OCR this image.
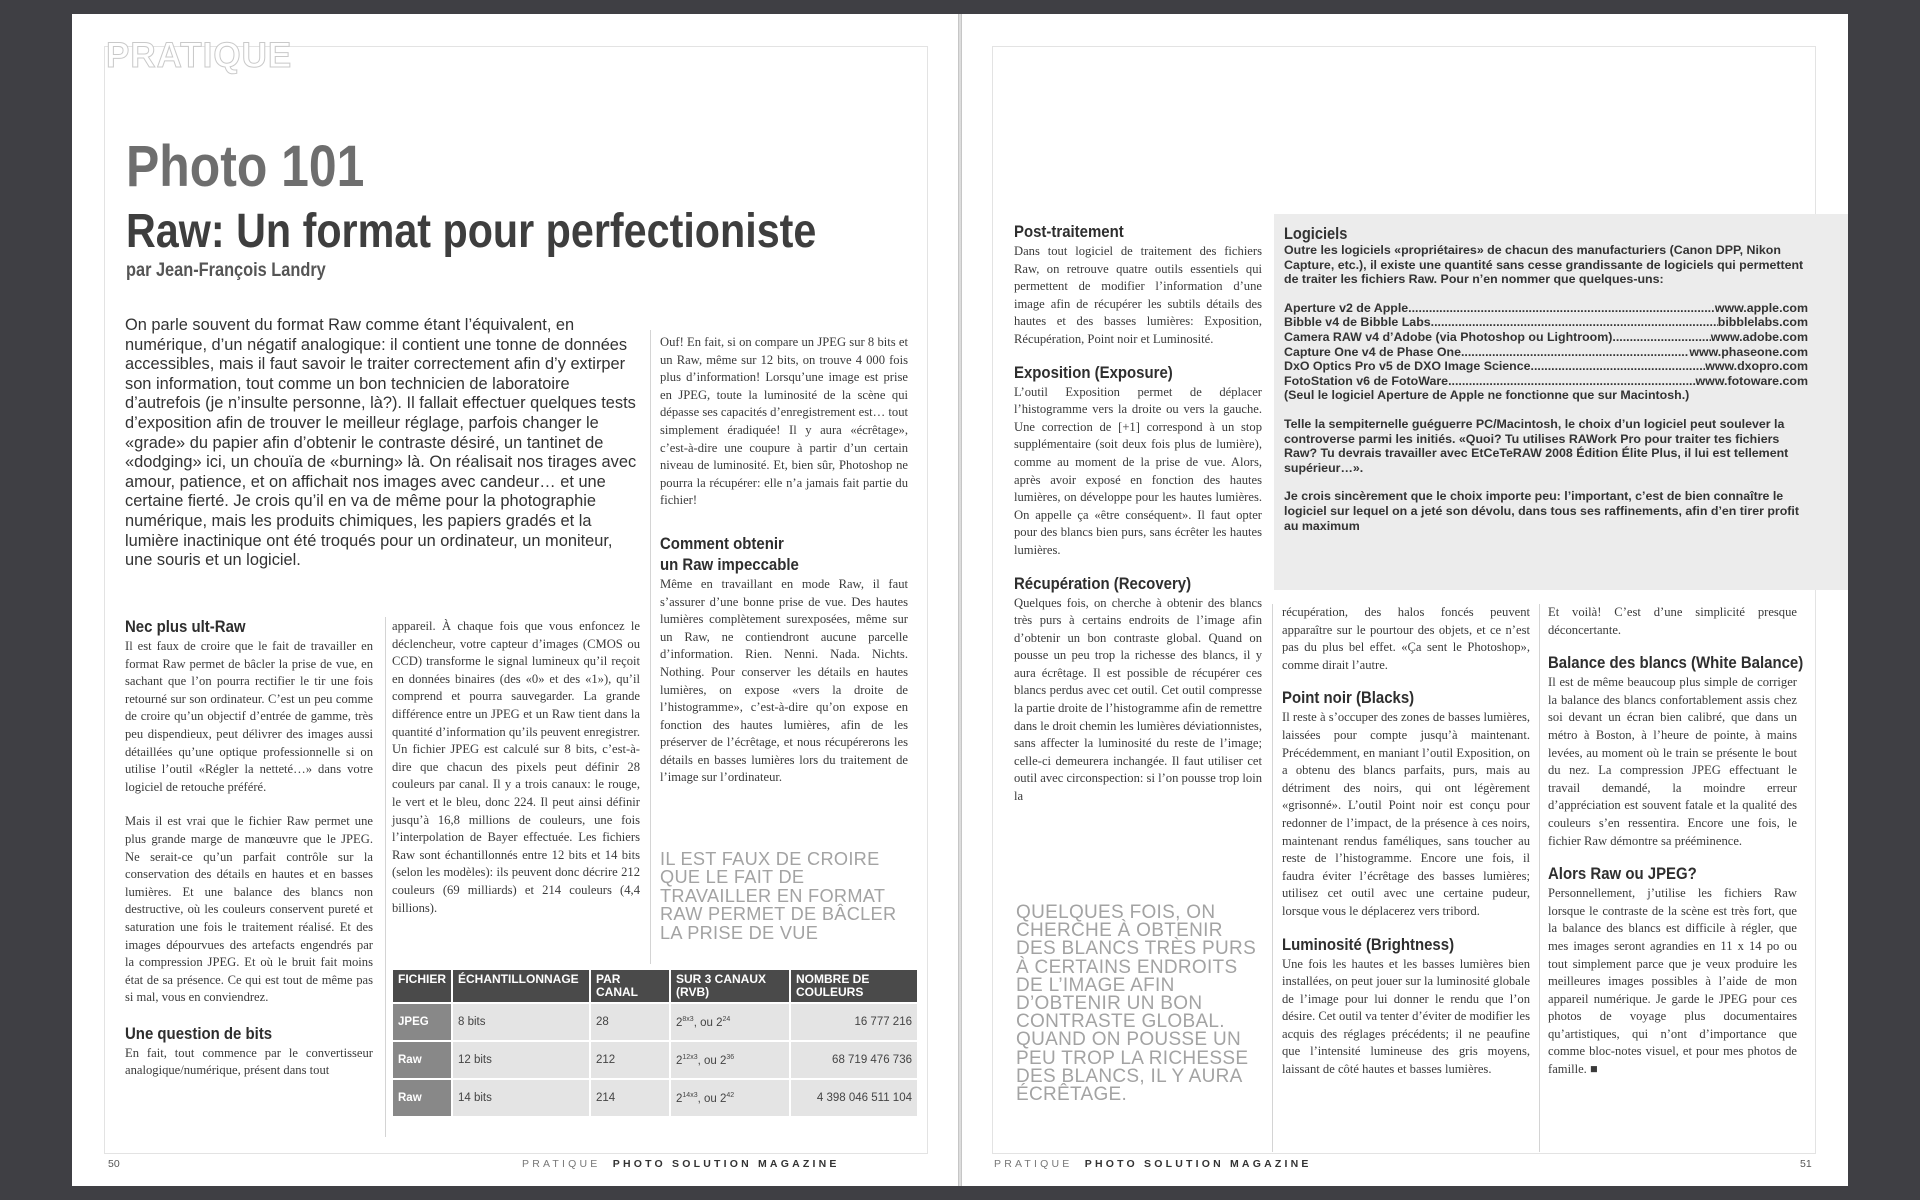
PRATIQUE
Photo 101
Raw: Un format pour perfectioniste
par Jean-François Landry
On parle souvent du format Raw comme étant l’équivalent, en numérique, d’un négatif analogique: il contient une tonne de données accessibles, mais il faut savoir le traiter correctement afin d’y extirper son information, tout comme un bon technicien de laboratoire d’autrefois (je n’insulte personne, là?). Il fallait effectuer quelques tests d’exposition afin de trouver le meilleur réglage, parfois changer le «grade» du papier afin d’obtenir le contraste désiré, un tantinet de «dodging» ici, un chouïa de «burning» là. On réalisait nos tirages avec amour, patience, et on affichait nos images avec candeur… et une certaine fierté. Je crois qu’il en va de même pour la photographie numérique, mais les produits chimiques, les papiers gradés et la lumière inactinique ont été troqués pour un ordinateur, un moniteur, une souris et un logiciel.
Nec plus ult-Raw

Il est faux de croire que le fait de travailler en format Raw permet de bâcler la prise de vue, en sachant que l’on pourra rectifier le tir une fois retourné sur son ordinateur. C’est un peu comme de croire qu’un objectif d’entrée de gamme, très peu dispendieux, peut délivrer des images aussi détaillées qu’une optique professionnelle si on utilise l’outil «Régler la netteté…» dans votre logiciel de retouche préféré.

Mais il est vrai que le fichier Raw permet une plus grande marge de manœuvre que le JPEG. Ne serait-ce qu’un parfait contrôle sur la conservation des détails en hautes et en basses lumières. Et une balance des blancs non destructive, où les couleurs conservent pureté et saturation une fois le traitement réalisé. Et des images dépourvues des artefacts engendrés par la compression JPEG. Et où le bruit fait moins état de sa présence. Ce qui est tout de même pas si mal, vous en conviendrez.

Une question de bits

En fait, tout commence par le convertisseur analogique/numérique, présent dans tout

appareil. À chaque fois que vous enfoncez le déclencheur, votre capteur d’images (CMOS ou CCD) transforme le signal lumineux qu’il reçoit en données binaires (des «0» et des «1»), qu’il comprend et pourra sauvegarder. La grande différence entre un JPEG et un Raw tient dans la quantité d’information qu’ils peuvent enregistrer. Un fichier JPEG est calculé sur 8 bits, c’est-à-dire que chacun des pixels peut définir 28 couleurs par canal. Il y a trois canaux: le rouge, le vert et le bleu, donc 224. Il peut ainsi définir jusqu’à 16,8 millions de couleurs, une fois l’interpolation de Bayer effectuée. Les fichiers Raw sont échantillonnés entre 12 bits et 14 bits (selon les modèles): ils peuvent donc décrire 212 couleurs (69 milliards) et 214 couleurs (4,4 billions).

Ouf! En fait, si on compare un JPEG sur 8 bits et un Raw, même sur 12 bits, on trouve 4 000 fois plus d’information! Lorsqu’une image est prise en JPEG, toute la luminosité de la scène qui dépasse ses capacités d’enregistrement est… tout simplement éradiquée! Il y aura «écrêtage», c’est-à-dire une coupure à partir d’un certain niveau de luminosité. Et, bien sûr, Photoshop ne pourra la récupérer: elle n’a jamais fait partie du fichier!

Comment obtenir
un Raw impeccable

Même en travaillant en mode Raw, il faut s’assurer d’une bonne prise de vue. Des hautes lumières complètement surexposées, même sur un Raw, ne contiendront aucune parcelle d’information. Rien. Nenni. Nada. Nichts. Nothing. Pour conserver les détails en hautes lumières, on expose «vers la droite de l’histogramme», c’est-à-dire qu’on expose en fonction des hautes lumières, afin de les préserver de l’écrêtage, et nous récupérerons les détails en basses lumières lors du traitement de l’image sur l’ordinateur.

IL EST FAUX DE CROIRE QUE LE FAIT DE TRAVAILLER EN FORMAT RAW PERMET DE BÂCLER LA PRISE DE VUE
FICHIER	ÉCHANTILLONNAGE	PAR CANAL	SUR 3 CANAUX (RVB)	NOMBRE DE COULEURS
JPEG	8 bits	28	$2^{8x3}$, ou $2^{24}$	16 777 216
Raw	12 bits	212	$2^{12x3}$, ou $2^{36}$	68 719 476 736
Raw	14 bits	214	$2^{14x3}$, ou $2^{42}$	4 398 046 511 104
50	PRATIQUE PHOTO SOLUTION MAGAZINE
Post-traitement

Dans tout logiciel de traitement des fichiers Raw, on retrouve quatre outils essentiels qui permettent de modifier l’information d’une image afin de récupérer les subtils détails des hautes et des basses lumières: Exposition, Récupération, Point noir et Luminosité.

Exposition (Exposure)

L’outil Exposition permet de déplacer l’histogramme vers la droite ou vers la gauche. Une correction de [+1] correspond à un stop supplémentaire (soit deux fois plus de lumière), comme au moment de la prise de vue. Alors, après avoir exposé en fonction des hautes lumières, on développe pour les hautes lumières. On appelle ça «être conséquent». Il faut opter pour des blancs bien purs, sans écrêter les hautes lumières.

Récupération (Recovery)

Quelques fois, on cherche à obtenir des blancs très purs à certains endroits de l’image afin d’obtenir un bon contraste global. Quand on pousse un peu trop la richesse des blancs, il y aura écrêtage. Il est possible de récupérer ces blancs perdus avec cet outil. Cet outil compresse la partie droite de l’histogramme afin de remettre dans le droit chemin les lumières déviationnistes, sans affecter la luminosité du reste de l’image; celle-ci demeurera inchangée. Il faut utiliser cet outil avec circonspection: si l’on pousse trop loin la

QUELQUES FOIS, ON CHERCHE À OBTENIR DES BLANCS TRÈS PURS À CERTAINS ENDROITS DE L’IMAGE AFIN D’OBTENIR UN BON CONTRASTE GLOBAL. QUAND ON POUSSE UN PEU TROP LA RICHESSE DES BLANCS, IL Y AURA ÉCRÊTAGE.
Logiciels

Outre les logiciels «propriétaires» de chacun des manufacturiers (Canon DPP, Nikon Capture, etc.), il existe une quantité sans cesse grandissante de logiciels qui permettent de traiter les fichiers Raw. Pour n’en nommer que quelques-uns:

Aperture v2 de Apple .....	www.apple.com
Bibble v4 de Bibble Labs .....	bibblelabs.com
Camera RAW v4 d’Adobe (via Photoshop ou Lightroom) .....	www.adobe.com
Capture One v4 de Phase One .....	www.phaseone.com
DxO Optics Pro v5 de DXO Image Science .....	www.dxopro.com
FotoStation v6 de FotoWare .....	www.fotoware.com

(Seul le logiciel Aperture de Apple ne fonctionne que sur Macintosh.)

Telle la sempiternelle guéguerre PC/Macintosh, le choix d’un logiciel peut soulever la controverse parmi les initiés. «Quoi? Tu utilises RAWork Pro pour traiter tes fichiers Raw? Tu devrais travailler avec EtCeTeRAW 2008 Édition Élite Plus, il lui est tellement supérieur…».

Je crois sincèrement que le choix importe peu: l’important, c’est de bien connaître le logiciel sur lequel on a jeté son dévolu, dans tous ses raffinements, afin d’en tirer profit au maximum

récupération, des halos foncés peuvent apparaître sur le pourtour des objets, et ce n’est pas du plus bel effet. «Ça sent le Photoshop», comme dirait l’autre.

Point noir (Blacks)

Il reste à s’occuper des zones de basses lumières, laissées pour compte jusqu’à maintenant. Précédemment, en maniant l’outil Exposition, on a obtenu des blancs parfaits, purs, mais au détriment des noirs, qui ont légèrement «grisonné». L’outil Point noir est conçu pour redonner de l’impact, de la présence à ces noirs, maintenant rendus faméliques, sans toucher au reste de l’histogramme. Encore une fois, il faudra éviter l’écrêtage des basses lumières; utilisez cet outil avec une certaine pudeur, lorsque vous le déplacerez vers tribord.

Luminosité (Brightness)

Une fois les hautes et les basses lumières bien installées, on peut jouer sur la luminosité globale de l’image pour lui donner le rendu que l’on désire. Cet outil va tenter d’éviter de modifier les acquis des réglages précédents; il ne peaufine que l’intensité lumineuse des gris moyens, laissant de côté hautes et basses lumières.

Et voilà! C’est d’une simplicité presque déconcertante.

Balance des blancs (White Balance)

Il est de même beaucoup plus simple de corriger la balance des blancs confortablement assis chez soi devant un écran bien calibré, que dans un métro à Boston, à l’heure de pointe, à mains levées, au moment où le train se présente le bout du nez. La compression JPEG effectuant le travail demandé, la moindre erreur d’appréciation est souvent fatale et la qualité des couleurs s’en ressentira. Encore une fois, le fichier Raw démontre sa prééminence.

Alors Raw ou JPEG?

Personnellement, j’utilise les fichiers Raw lorsque le contraste de la scène est très fort, que la balance des blancs est difficile à régler, que mes images seront agrandies en 11 x 14 po ou tout simplement parce que je veux produire les meilleures images possibles à l’aide de mon appareil numérique. Je garde le JPEG pour ces photos de voyage plus documentaires qu’artistiques, qui n’ont d’importance que comme bloc-notes visuel, et pour mes photos de famille. ■

PRATIQUE PHOTO SOLUTION MAGAZINE	51
